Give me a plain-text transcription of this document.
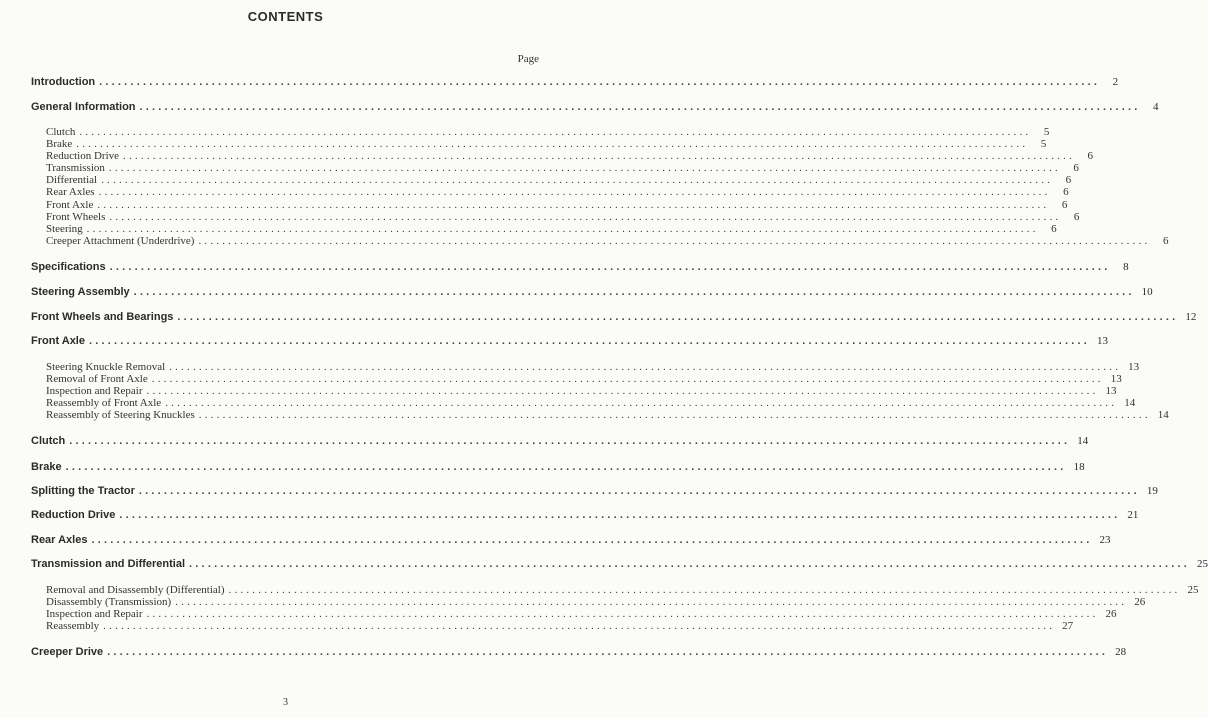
CONTENTS
Page
Introduction ................................................................................................................................................................	2
General Information ................................................................................................................................................................	4
Clutch ................................................................................................................................................................	5
Brake ................................................................................................................................................................	5
Reduction Drive ................................................................................................................................................................	6
Transmission ................................................................................................................................................................	6
Differential ................................................................................................................................................................	6
Rear Axles ................................................................................................................................................................	6
Front Axle ................................................................................................................................................................	6
Front Wheels ................................................................................................................................................................	6
Steering ................................................................................................................................................................	6
Creeper Attachment (Underdrive) ................................................................................................................................................................	6
Specifications ................................................................................................................................................................	8
Steering Assembly ................................................................................................................................................................ 10
Front Wheels and Bearings ................................................................................................................................................................ 12
Front Axle ................................................................................................................................................................ 13
Steering Knuckle Removal ................................................................................................................................................................ 13
Removal of Front Axle ................................................................................................................................................................ 13
Inspection and Repair ................................................................................................................................................................ 13
Reassembly of Front Axle ................................................................................................................................................................ 14
Reassembly of Steering Knuckles ................................................................................................................................................................ 14
Clutch ................................................................................................................................................................ 14
Brake ................................................................................................................................................................ 18
Splitting the Tractor ................................................................................................................................................................ 19
Reduction Drive ................................................................................................................................................................ 21
Rear Axles ................................................................................................................................................................ 23
Transmission and Differential ................................................................................................................................................................ 25
Removal and Disassembly (Differential) ................................................................................................................................................................ 25
Disassembly (Transmission) ................................................................................................................................................................ 26
Inspection and Repair ................................................................................................................................................................ 26
Reassembly ................................................................................................................................................................ 27
Creeper Drive ................................................................................................................................................................ 28
3
